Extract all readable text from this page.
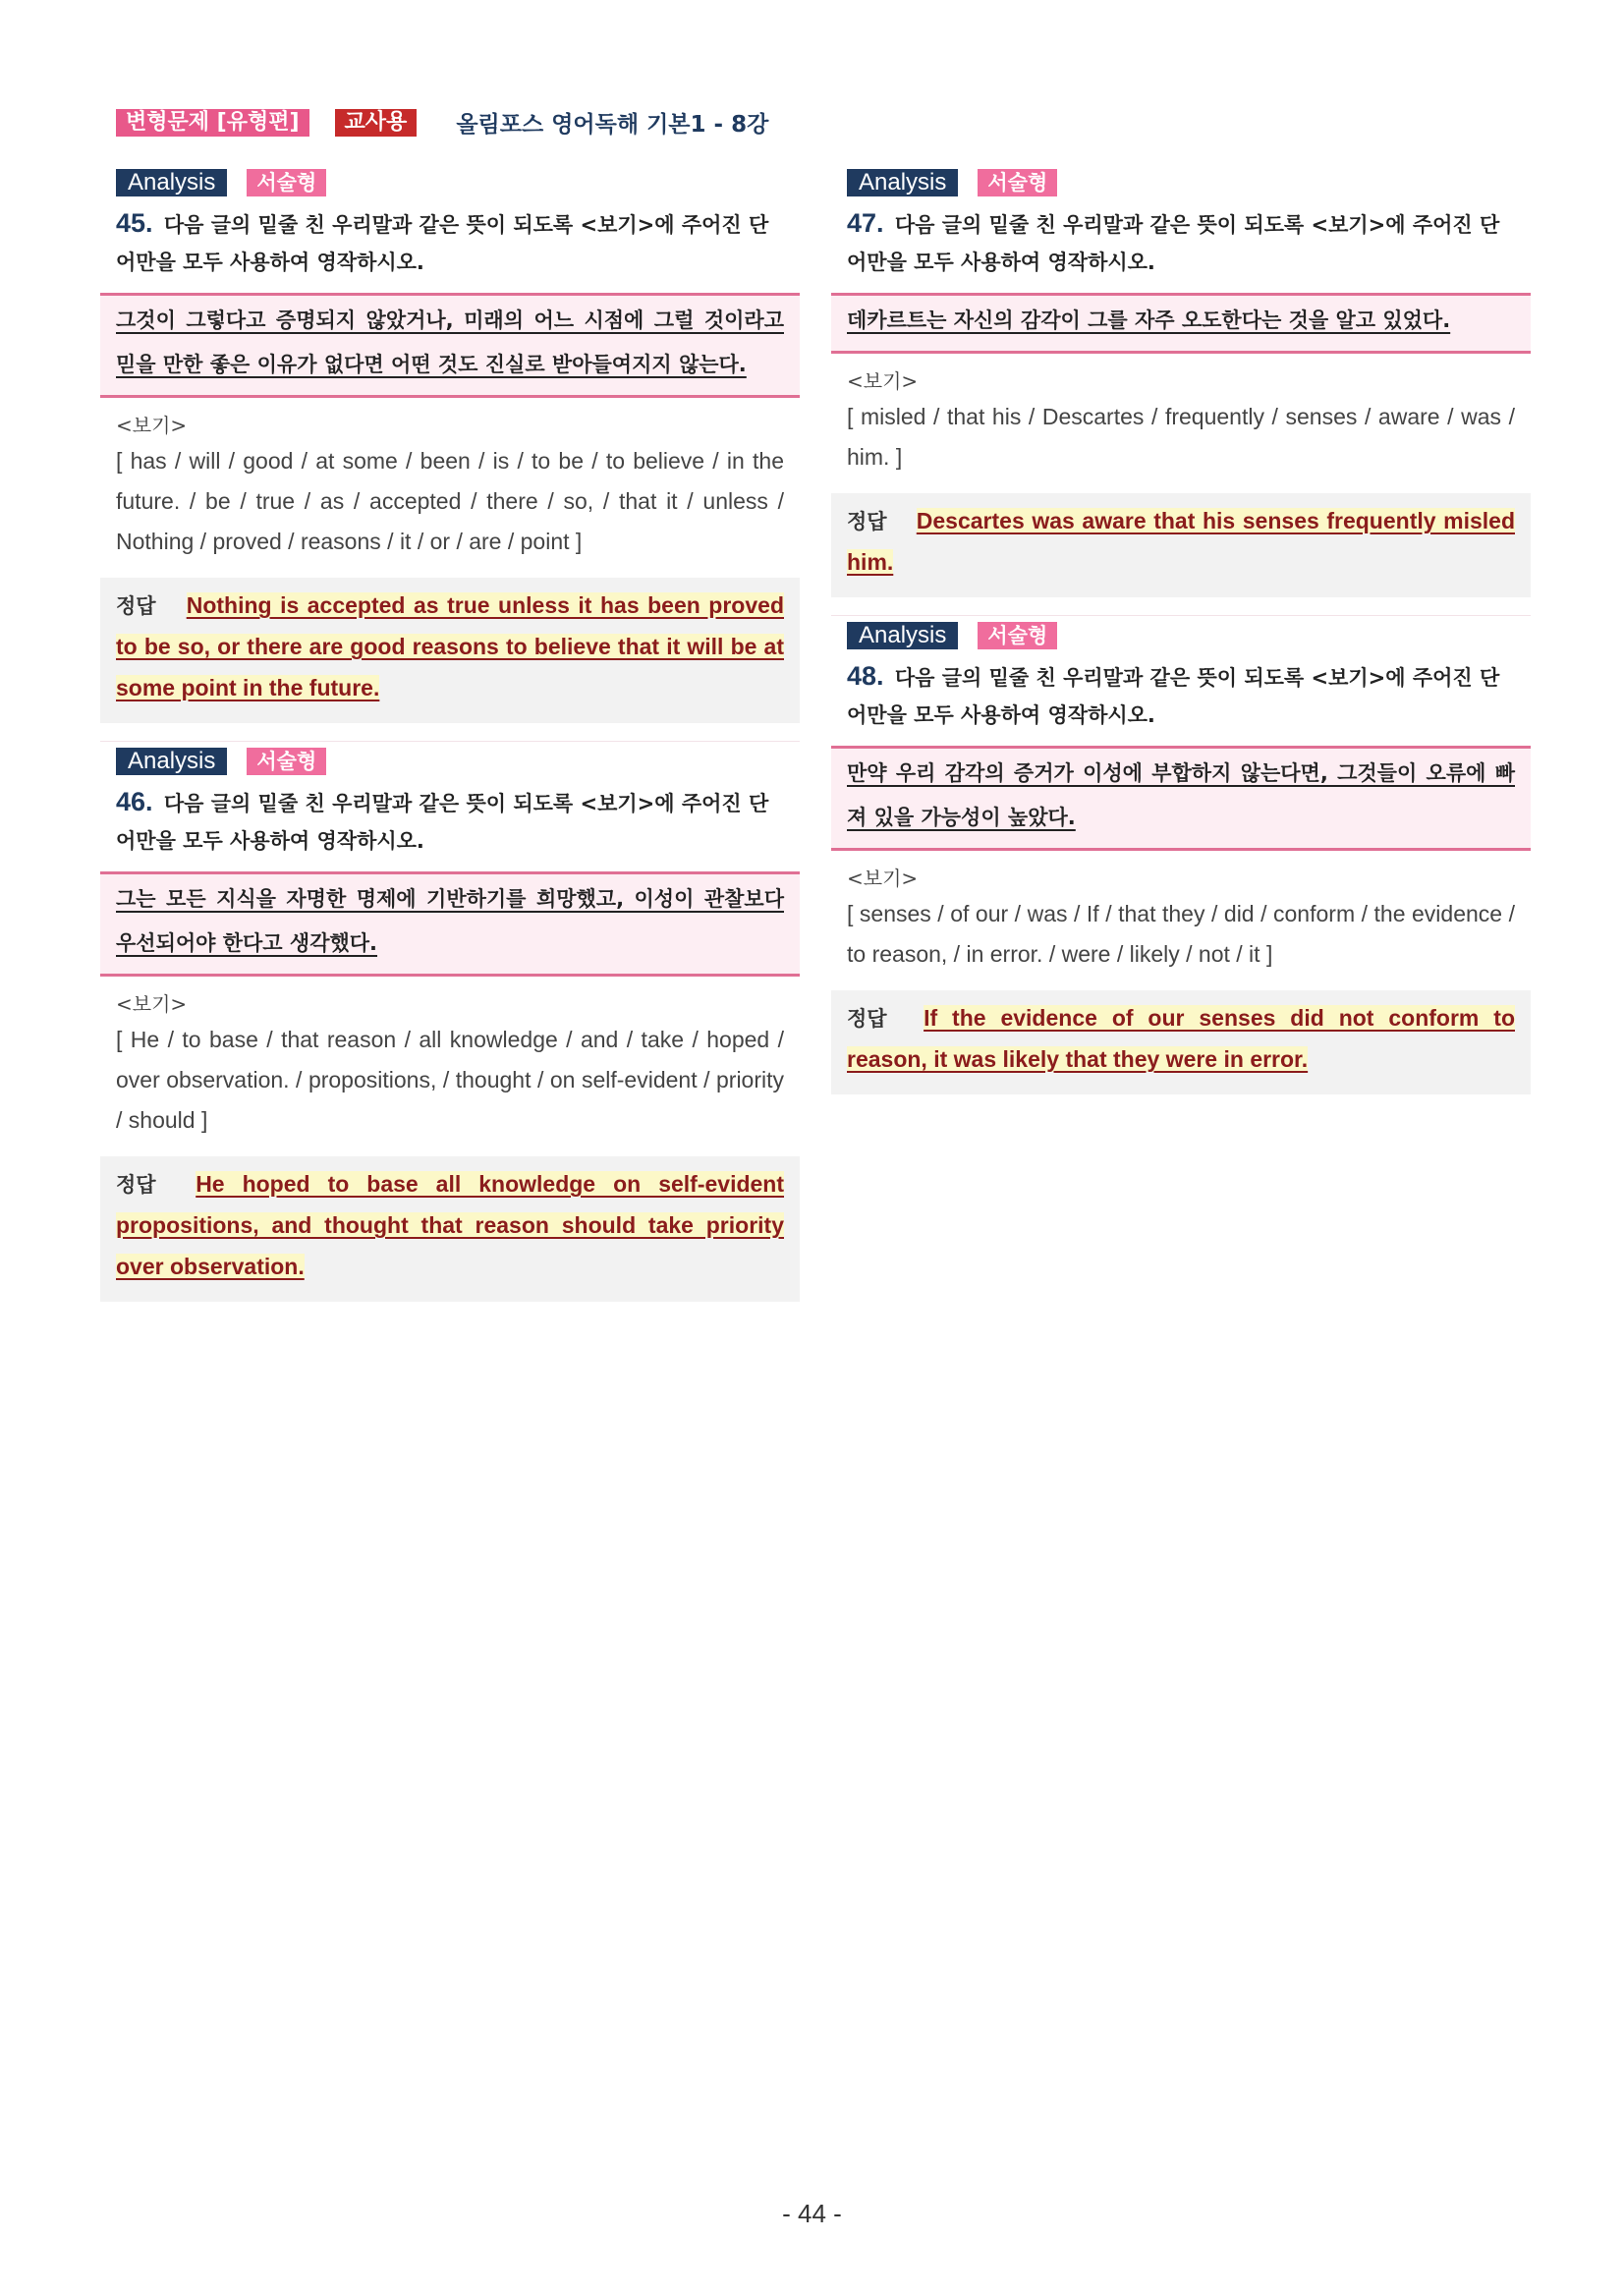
변형문제 [유형편]	교사용	올림포스 영어독해 기본1 - 8강
Analysis	서술형
45. 다음 글의 밑줄 친 우리말과 같은 뜻이 되도록 <보기>에 주어진 단어만을 모두 사용하여 영작하시오.
그것이 그렇다고 증명되지 않았거나, 미래의 어느 시점에 그럴 것이라고 믿을 만한 좋은 이유가 없다면 어떤 것도 진실로 받아들여지지 않는다.
<보기>
[ has / will / good / at some / been / is / to be / to believe / in the future. / be / true / as / accepted / there / so, / that it / unless / Nothing / proved / reasons / it / or / are / point ]
정답 Nothing is accepted as true unless it has been proved to be so, or there are good reasons to believe that it will be at some point in the future.
Analysis	서술형
46. 다음 글의 밑줄 친 우리말과 같은 뜻이 되도록 <보기>에 주어진 단어만을 모두 사용하여 영작하시오.
그는 모든 지식을 자명한 명제에 기반하기를 희망했고, 이성이 관찰보다 우선되어야 한다고 생각했다.
<보기>
[ He / to base / that reason / all knowledge / and / take / hoped / over observation. / propositions, / thought / on self-evident / priority / should ]
정답 He hoped to base all knowledge on self-evident propositions, and thought that reason should take priority over observation.
Analysis	서술형
47. 다음 글의 밑줄 친 우리말과 같은 뜻이 되도록 <보기>에 주어진 단어만을 모두 사용하여 영작하시오.
데카르트는 자신의 감각이 그를 자주 오도한다는 것을 알고 있었다.
<보기>
[ misled / that his / Descartes / frequently / senses / aware / was / him. ]
정답 Descartes was aware that his senses frequently misled him.
Analysis	서술형
48. 다음 글의 밑줄 친 우리말과 같은 뜻이 되도록 <보기>에 주어진 단어만을 모두 사용하여 영작하시오.
만약 우리 감각의 증거가 이성에 부합하지 않는다면, 그것들이 오류에 빠져 있을 가능성이 높았다.
<보기>
[ senses / of our / was / If / that they / did / conform / the evidence / to reason, / in error. / were / likely / not / it ]
정답 If the evidence of our senses did not conform to reason, it was likely that they were in error.
- 44 -
